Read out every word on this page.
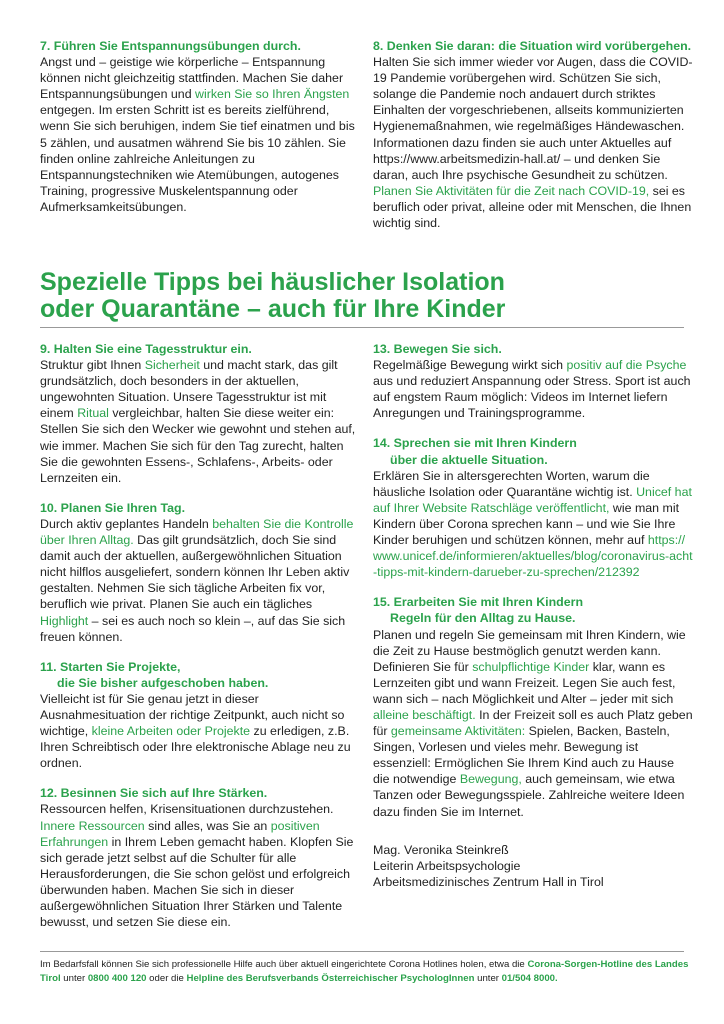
7. Führen Sie Entspannungsübungen durch.

Angst und – geistige wie körperliche – Entspannung können nicht gleichzeitig stattfinden. Machen Sie daher Entspannungsübungen und wirken Sie so Ihren Ängsten entgegen. Im ersten Schritt ist es bereits zielführend, wenn Sie sich beruhigen, indem Sie tief einatmen und bis 5 zählen, und ausatmen während Sie bis 10 zählen. Sie finden online zahlreiche Anleitungen zu Entspannungstechniken wie Atemübungen, autogenes Training, progressive Muskelentspannung oder Aufmerksamkeitsübungen.

8. Denken Sie daran: die Situation wird vorübergehen.

Halten Sie sich immer wieder vor Augen, dass die COVID-19 Pandemie vorübergehen wird. Schützen Sie sich, solange die Pandemie noch andauert durch striktes Einhalten der vorgeschriebenen, allseits kommunizierten Hygienemaßnahmen, wie regelmäßiges Händewaschen. Informationen dazu finden sie auch unter Aktuelles auf https://www.arbeitsmedizin-hall.at/ – und denken Sie daran, auch Ihre psychische Gesundheit zu schützen. Planen Sie Aktivitäten für die Zeit nach COVID-19, sei es beruflich oder privat, alleine oder mit Menschen, die Ihnen wichtig sind.

Spezielle Tipps bei häuslicher Isolation
oder Quarantäne – auch für Ihre Kinder

9. Halten Sie eine Tagesstruktur ein.

Struktur gibt Ihnen Sicherheit und macht stark, das gilt grundsätzlich, doch besonders in der aktuellen, ungewohnten Situation. Unsere Tagesstruktur ist mit einem Ritual vergleichbar, halten Sie diese weiter ein: Stellen Sie sich den Wecker wie gewohnt und stehen auf, wie immer. Machen Sie sich für den Tag zurecht, halten Sie die gewohnten Essens-, Schlafens-, Arbeits- oder Lernzeiten ein.

10. Planen Sie Ihren Tag.

Durch aktiv geplantes Handeln behalten Sie die Kontrolle über Ihren Alltag. Das gilt grundsätzlich, doch Sie sind damit auch der aktuellen, außergewöhnlichen Situation nicht hilflos ausgeliefert, sondern können Ihr Leben aktiv gestalten. Nehmen Sie sich tägliche Arbeiten fix vor, beruflich wie privat. Planen Sie auch ein tägliches Highlight – sei es auch noch so klein –, auf das Sie sich freuen können.

11. Starten Sie Projekte,

die Sie bisher aufgeschoben haben.

Vielleicht ist für Sie genau jetzt in dieser Ausnahmesituation der richtige Zeitpunkt, auch nicht so wichtige, kleine Arbeiten oder Projekte zu erledigen, z.B. Ihren Schreibtisch oder Ihre elektronische Ablage neu zu ordnen.

12. Besinnen Sie sich auf Ihre Stärken.

Ressourcen helfen, Krisensituationen durchzustehen. Innere Ressourcen sind alles, was Sie an positiven Erfahrungen in Ihrem Leben gemacht haben. Klopfen Sie sich gerade jetzt selbst auf die Schulter für alle Herausforderungen, die Sie schon gelöst und erfolgreich überwunden haben. Machen Sie sich in dieser außergewöhnlichen Situation Ihrer Stärken und Talente bewusst, und setzen Sie diese ein.

13. Bewegen Sie sich.

Regelmäßige Bewegung wirkt sich positiv auf die Psyche aus und reduziert Anspannung oder Stress. Sport ist auch auf engstem Raum möglich: Videos im Internet liefern Anregungen und Trainingsprogramme.

14. Sprechen sie mit Ihren Kindern

über die aktuelle Situation.

Erklären Sie in altersgerechten Worten, warum die häusliche Isolation oder Quarantäne wichtig ist. Unicef hat auf Ihrer Website Ratschläge veröffentlicht, wie man mit Kindern über Corona sprechen kann – und wie Sie Ihre Kinder beruhigen und schützen können, mehr auf https://www.unicef.de/informieren/aktuelles/blog/coronavirus-acht-tipps-mit-kindern-darueber-zu-sprechen/212392

15. Erarbeiten Sie mit Ihren Kindern

Regeln für den Alltag zu Hause.

Planen und regeln Sie gemeinsam mit Ihren Kindern, wie die Zeit zu Hause bestmöglich genutzt werden kann. Definieren Sie für schulpflichtige Kinder klar, wann es Lernzeiten gibt und wann Freizeit. Legen Sie auch fest, wann sich – nach Möglichkeit und Alter – jeder mit sich alleine beschäftigt. In der Freizeit soll es auch Platz geben für gemeinsame Aktivitäten: Spielen, Backen, Basteln, Singen, Vorlesen und vieles mehr. Bewegung ist essenziell: Ermöglichen Sie Ihrem Kind auch zu Hause die notwendige Bewegung, auch gemeinsam, wie etwa Tanzen oder Bewegungsspiele. Zahlreiche weitere Ideen dazu finden Sie im Internet.

Mag. Veronika Steinkreß

Leiterin Arbeitspsychologie

Arbeitsmedizinisches Zentrum Hall in Tirol

Im Bedarfsfall können Sie sich professionelle Hilfe auch über aktuell eingerichtete Corona Hotlines holen, etwa die Corona-Sorgen-Hotline des Landes Tirol unter 0800 400 120 oder die Helpline des Berufsverbands Österreichischer PsychologInnen unter 01/504 8000.
